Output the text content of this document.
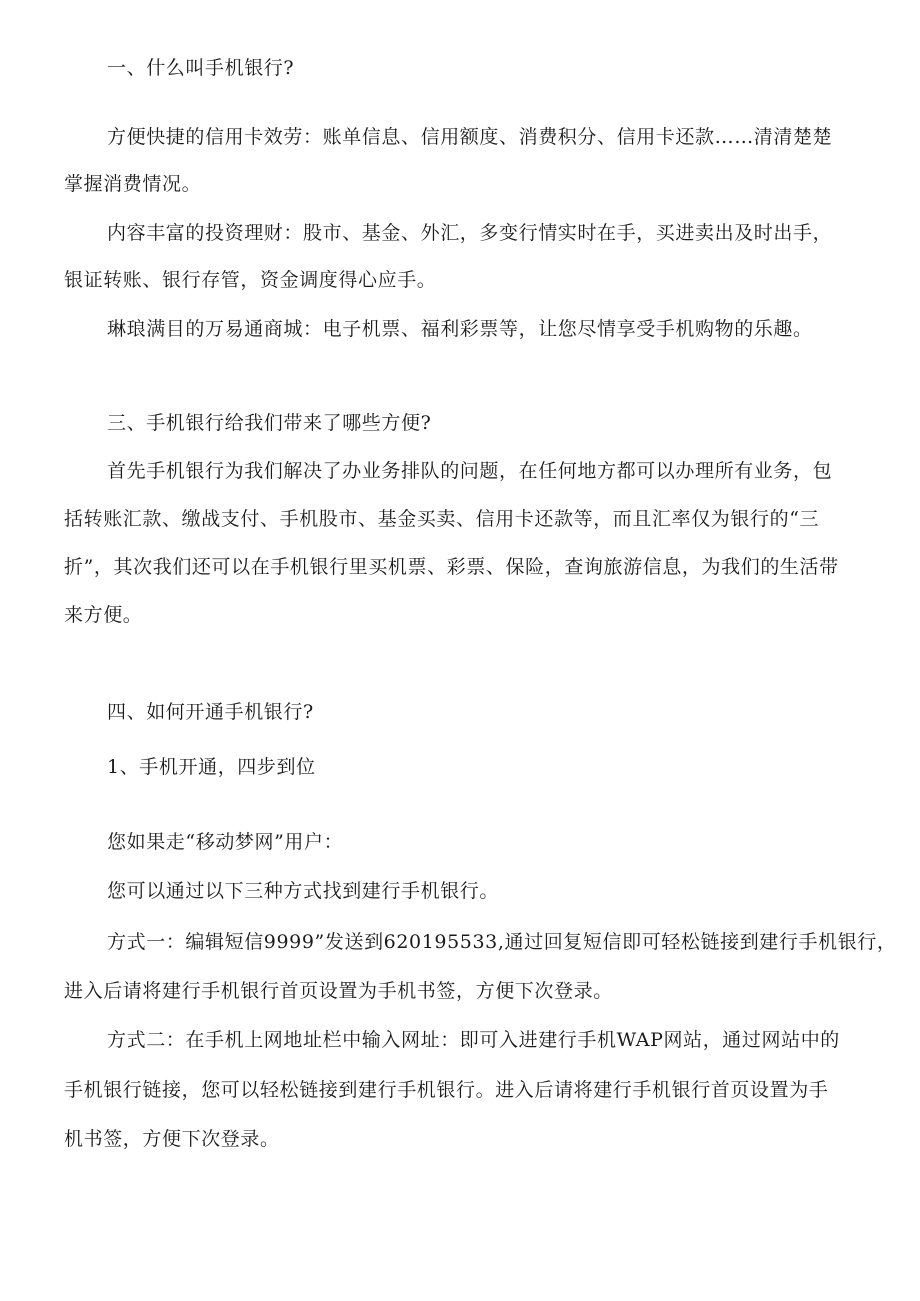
一、什么叫手机银行?
方便快捷的信用卡效劳：账单信息、信用额度、消费积分、信用卡还款……清清楚楚
掌握消费情况。
内容丰富的投资理财：股市、基金、外汇，多变行情实时在手，买进卖出及时出手，
银证转账、银行存管，资金调度得心应手。
琳琅满目的万易通商城：电子机票、福利彩票等，让您尽情享受手机购物的乐趣。
三、手机银行给我们带来了哪些方便?
首先手机银行为我们解决了办业务排队的问题，在任何地方都可以办理所有业务，包
括转账汇款、缴战支付、手机股市、基金买卖、信用卡还款等，而且汇率仅为银行的“三
折”，其次我们还可以在手机银行里买机票、彩票、保险，查询旅游信息，为我们的生活带
来方便。
四、如何开通手机银行?
1、手机开通，四步到位
您如果走“移动梦网”用户：
您可以通过以下三种方式找到建行手机银行。
方式一：编辑短信9999”发送到620195533,通过回复短信即可轻松链接到建行手机银行，
进入后请将建行手机银行首页设置为手机书签，方便下次登录。
方式二：在手机上网地址栏中输入网址：即可入进建行手机WAP网站，通过网站中的
手机银行链接，您可以轻松链接到建行手机银行。进入后请将建行手机银行首页设置为手
机书签，方便下次登录。
